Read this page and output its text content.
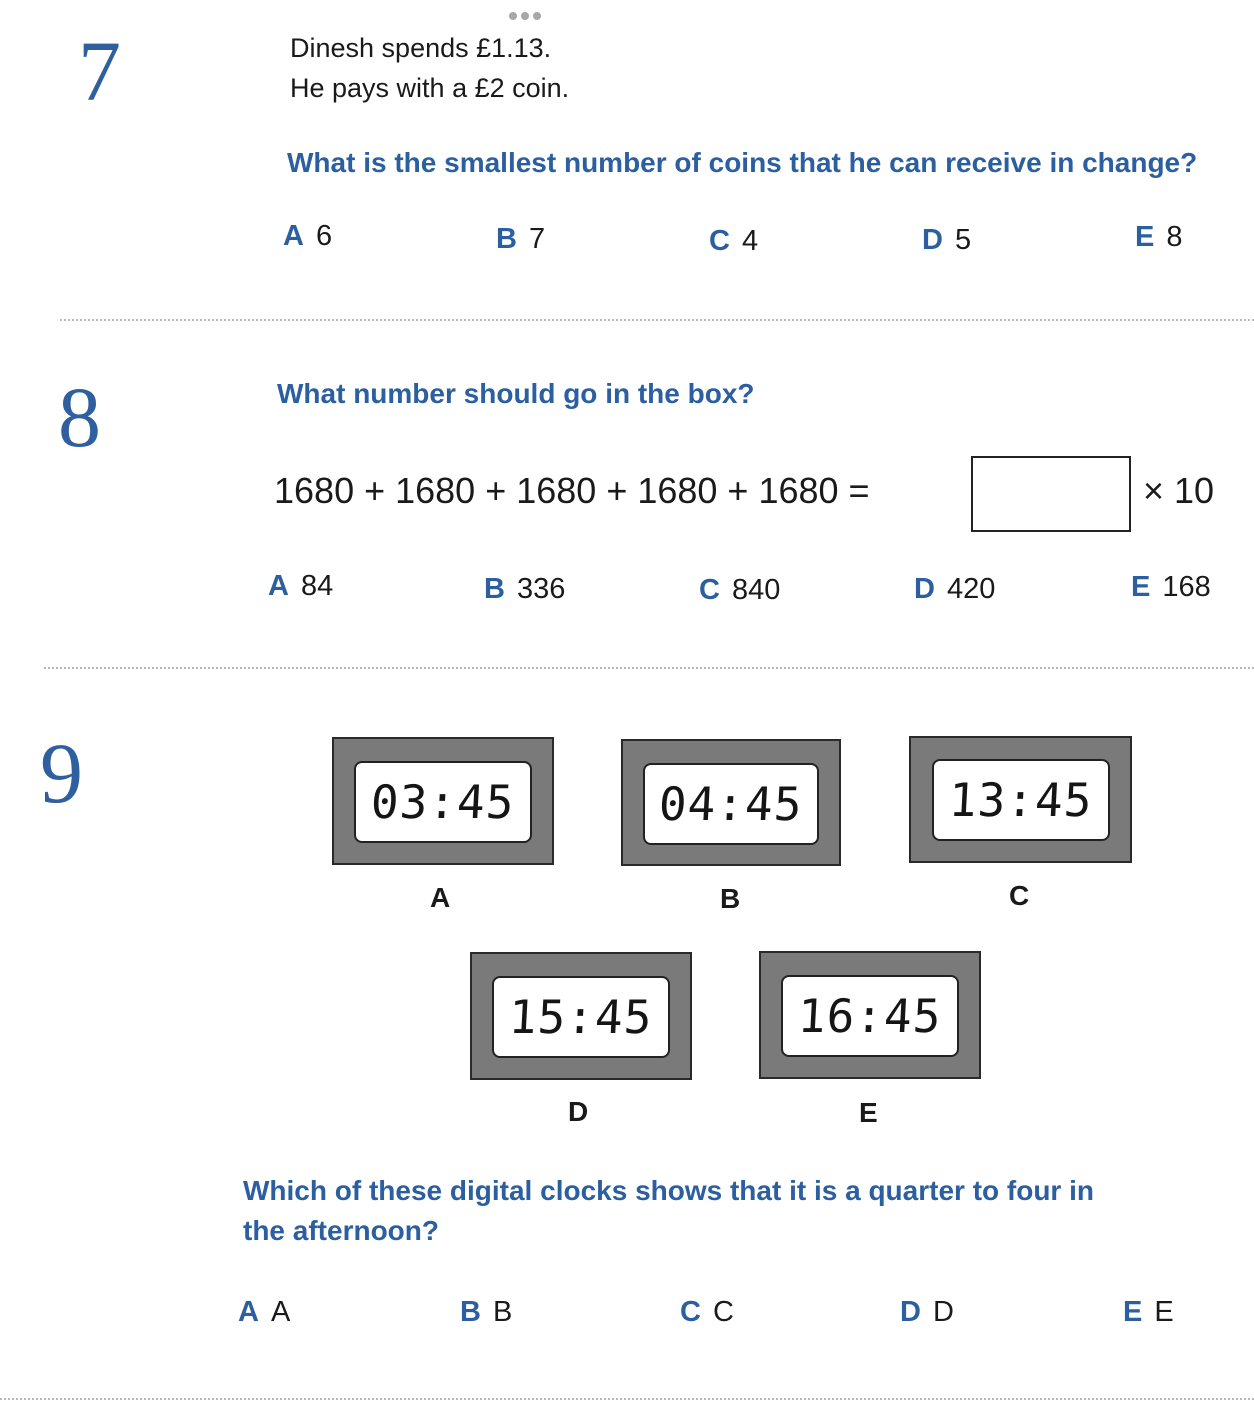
7	Dinesh spends £1.13.
He pays with a £2 coin.
What is the smallest number of coins that he can receive in change?
A 6	B 7	C 4	D 5	E 8
8	What number should go in the box?
1680 + 1680 + 1680 + 1680 + 1680 =	× 10
A 84	B 336	C 840	D 420	E 168
9	03:45
A
04:45
B
13:45
C
15:45
D
16:45
E
Which of these digital clocks shows that it is a quarter to four in
the afternoon?
A A	B B	C C	D D	E E
